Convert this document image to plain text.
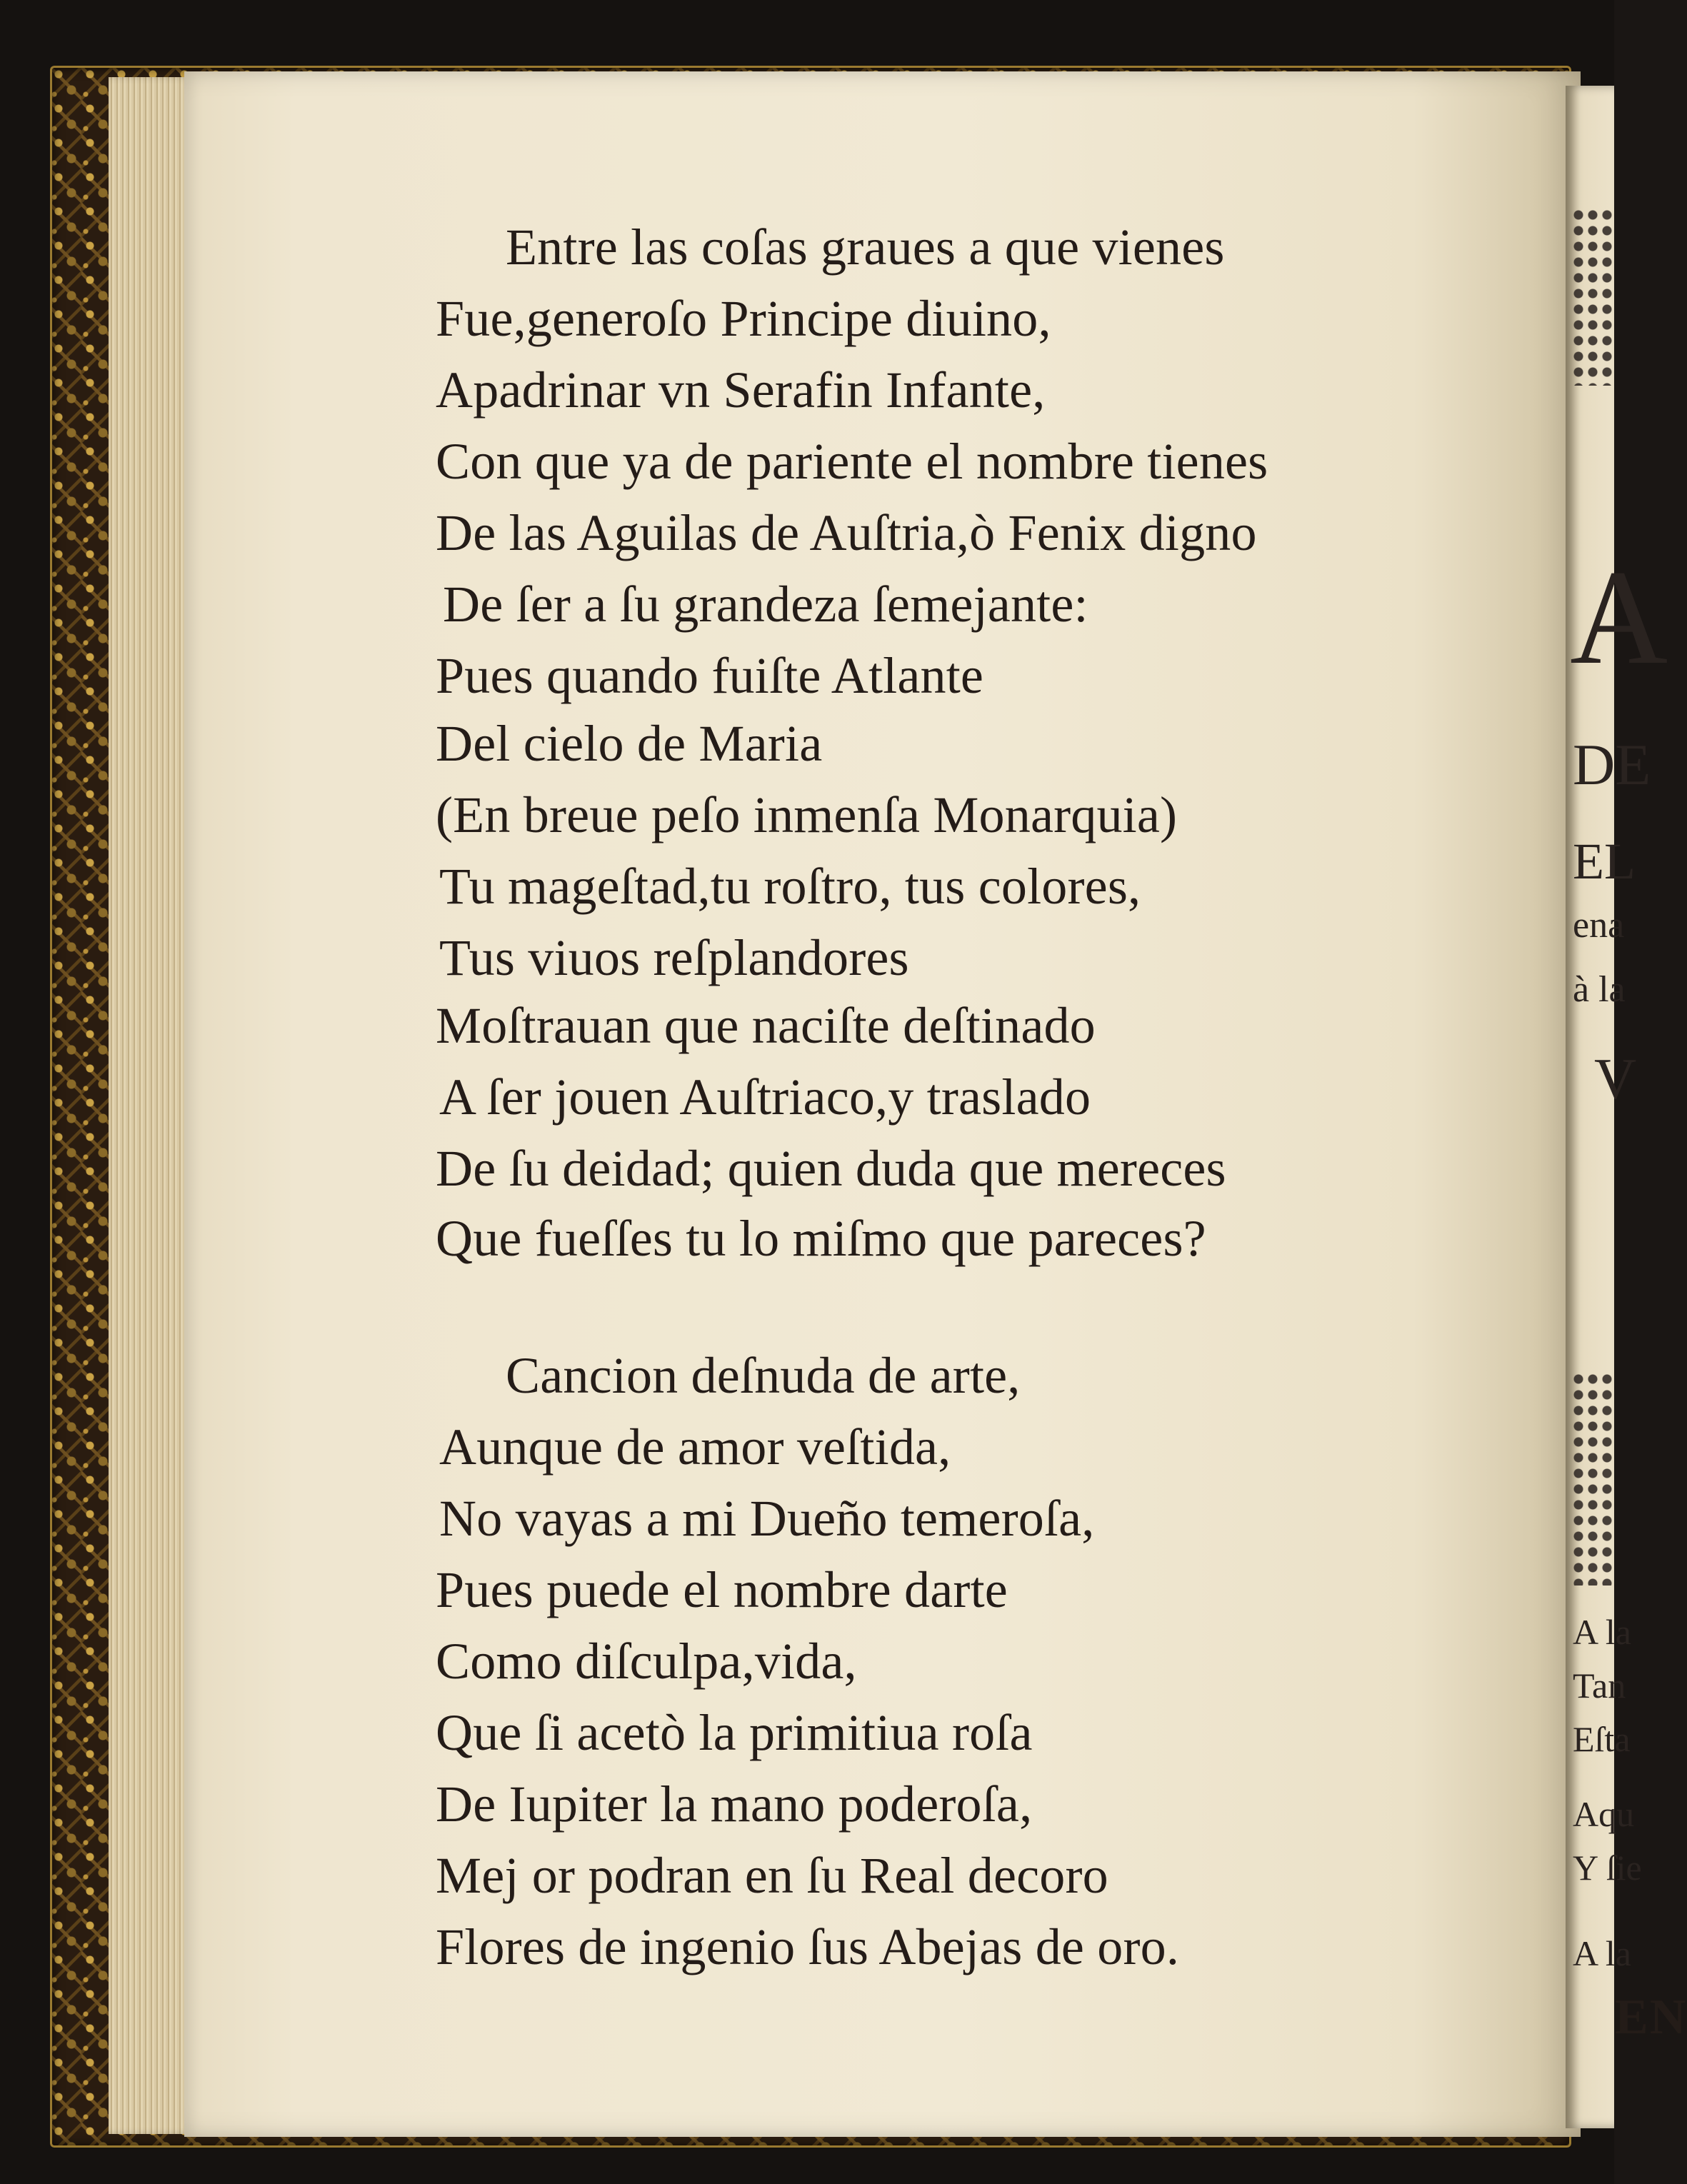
Entre las coſas graues a que vienes
Fue,generoſo Principe diuino,
Apadrinar vn Serafin Infante,
Con que ya de pariente el nombre tienes
De las Aguilas de Auſtria,ò Fenix digno
De ſer a ſu grandeza ſemejante:
Pues quando fuiſte Atlante
Del cielo de Maria
(En breue peſo inmenſa Monarquia)
Tu mageſtad,tu roſtro, tus colores,
Tus viuos reſplandores
Moſtrauan que naciſte deſtinado
A ſer jouen Auſtriaco,y traslado
De ſu deidad; quien duda que mereces
Que fueſſes tu lo miſmo que pareces?
Cancion deſnuda de arte,
Aunque de amor veſtida,
No vayas a mi Dueño temeroſa,
Pues puede el nombre darte
Como diſculpa,vida,
Que ſi acetò la primitiua roſa
De Iupiter la mano poderoſa,
Mej or podran en ſu Real decoro
Flores de ingenio ſus Abejas de oro.
EN
A
DE
EL
ena
à la
V
A la
Tan
Eſta
Aqu
Y ſie
A la
